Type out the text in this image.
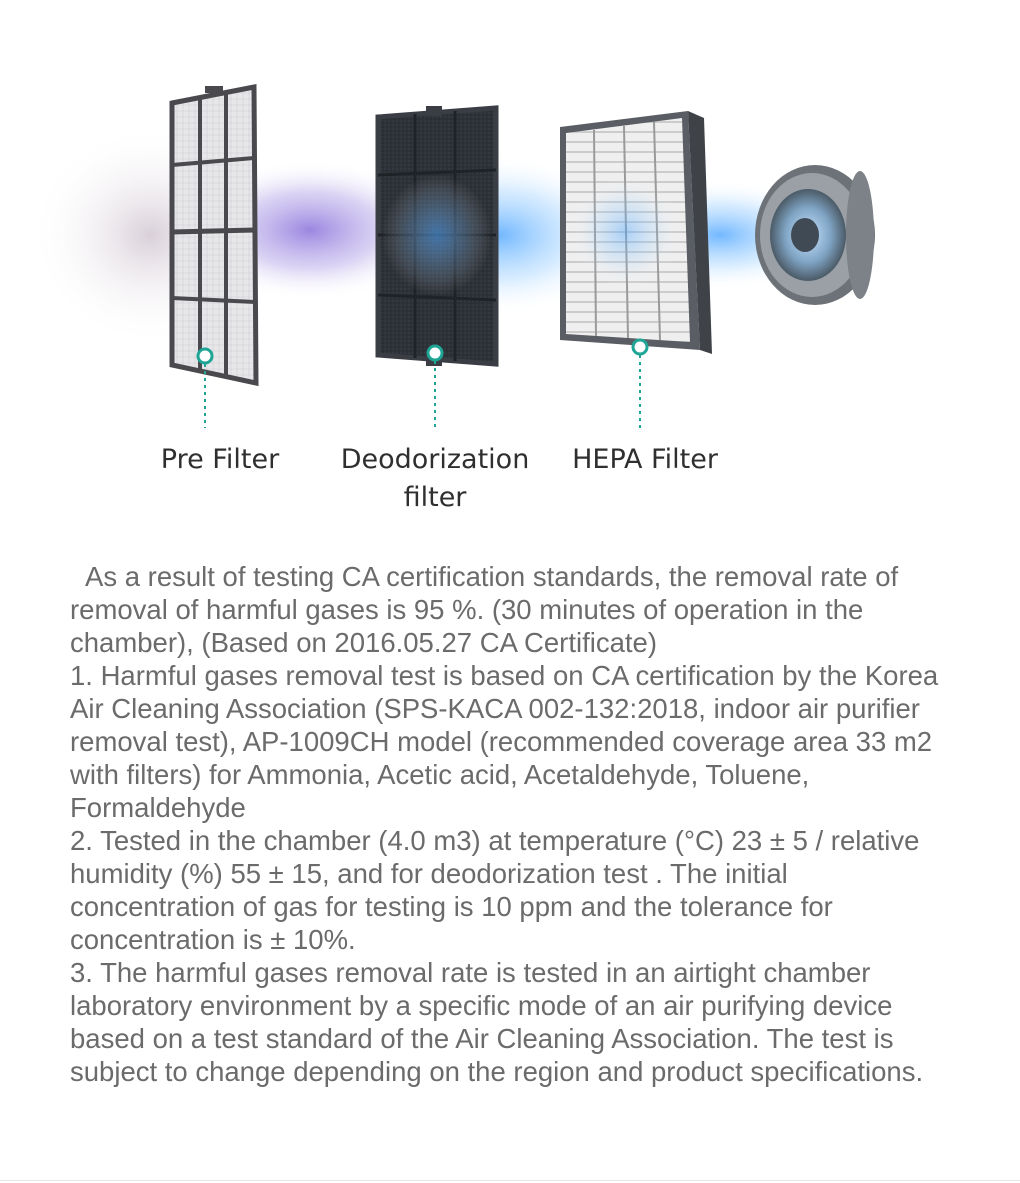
Pre Filter	Deodorization filter
HEPA Filter

As a result of testing CA certification standards, the removal rate of removal of harmful gases is 95 %. (30 minutes of operation in the chamber), (Based on 2016.05.27 CA Certificate)

1. Harmful gases removal test is based on CA certification by the Korea Air Cleaning Association (SPS-KACA 002-132:2018, indoor air purifier removal test), AP-1009CH model (recommended coverage area 33 m2 with filters) for Ammonia, Acetic acid, Acetaldehyde, Toluene, Formaldehyde

2. Tested in the chamber (4.0 m3) at temperature (°C) 23 ± 5 / relative humidity (%) 55 ± 15, and for deodorization test . The initial concentration of gas for testing is 10 ppm and the tolerance for concentration is ± 10%.

3. The harmful gases removal rate is tested in an airtight chamber laboratory environment by a specific mode of an air purifying device based on a test standard of the Air Cleaning Association. The test is subject to change depending on the region and product specifications.
